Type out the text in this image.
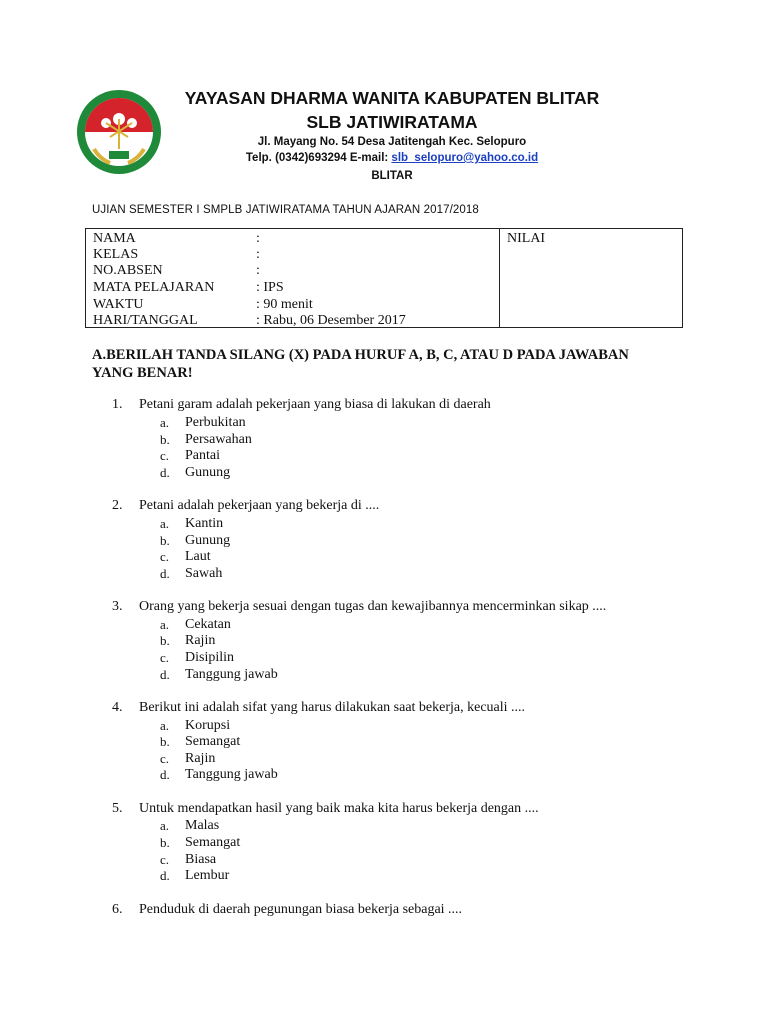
YAYASAN DHARMA WANITA KABUPATEN BLITAR
SLB JATIWIRATAMA
Jl. Mayang No. 54 Desa Jatitengah Kec. Selopuro
Telp. (0342)693294 E-mail: slb_selopuro@yahoo.co.id
BLITAR
UJIAN SEMESTER I SMPLB JATIWIRATAMA TAHUN AJARAN 2017/2018
NAMA	:
KELAS	:
NO.ABSEN	:
MATA PELAJARAN	: IPS
WAKTU	: 90 menit
HARI/TANGGAL	: Rabu, 06 Desember 2017
NILAI
A.BERILAH TANDA SILANG (X) PADA HURUF A, B, C, ATAU D PADA JAWABAN YANG BENAR!
1.	Petani garam adalah pekerjaan yang biasa di lakukan di daerah
a.	Perbukitan
b.	Persawahan
c.	Pantai
d.	Gunung
2.	Petani adalah pekerjaan yang bekerja di ....
a.	Kantin
b.	Gunung
c.	Laut
d.	Sawah
3.	Orang yang bekerja sesuai dengan tugas dan kewajibannya mencerminkan sikap ....
a.	Cekatan
b.	Rajin
c.	Disipilin
d.	Tanggung jawab
4.	Berikut ini adalah sifat yang harus dilakukan saat bekerja, kecuali ....
a.	Korupsi
b.	Semangat
c.	Rajin
d.	Tanggung jawab
5.	Untuk mendapatkan hasil yang baik maka kita harus bekerja dengan ....
a.	Malas
b.	Semangat
c.	Biasa
d.	Lembur
6.	Penduduk di daerah pegunungan biasa bekerja sebagai ....
